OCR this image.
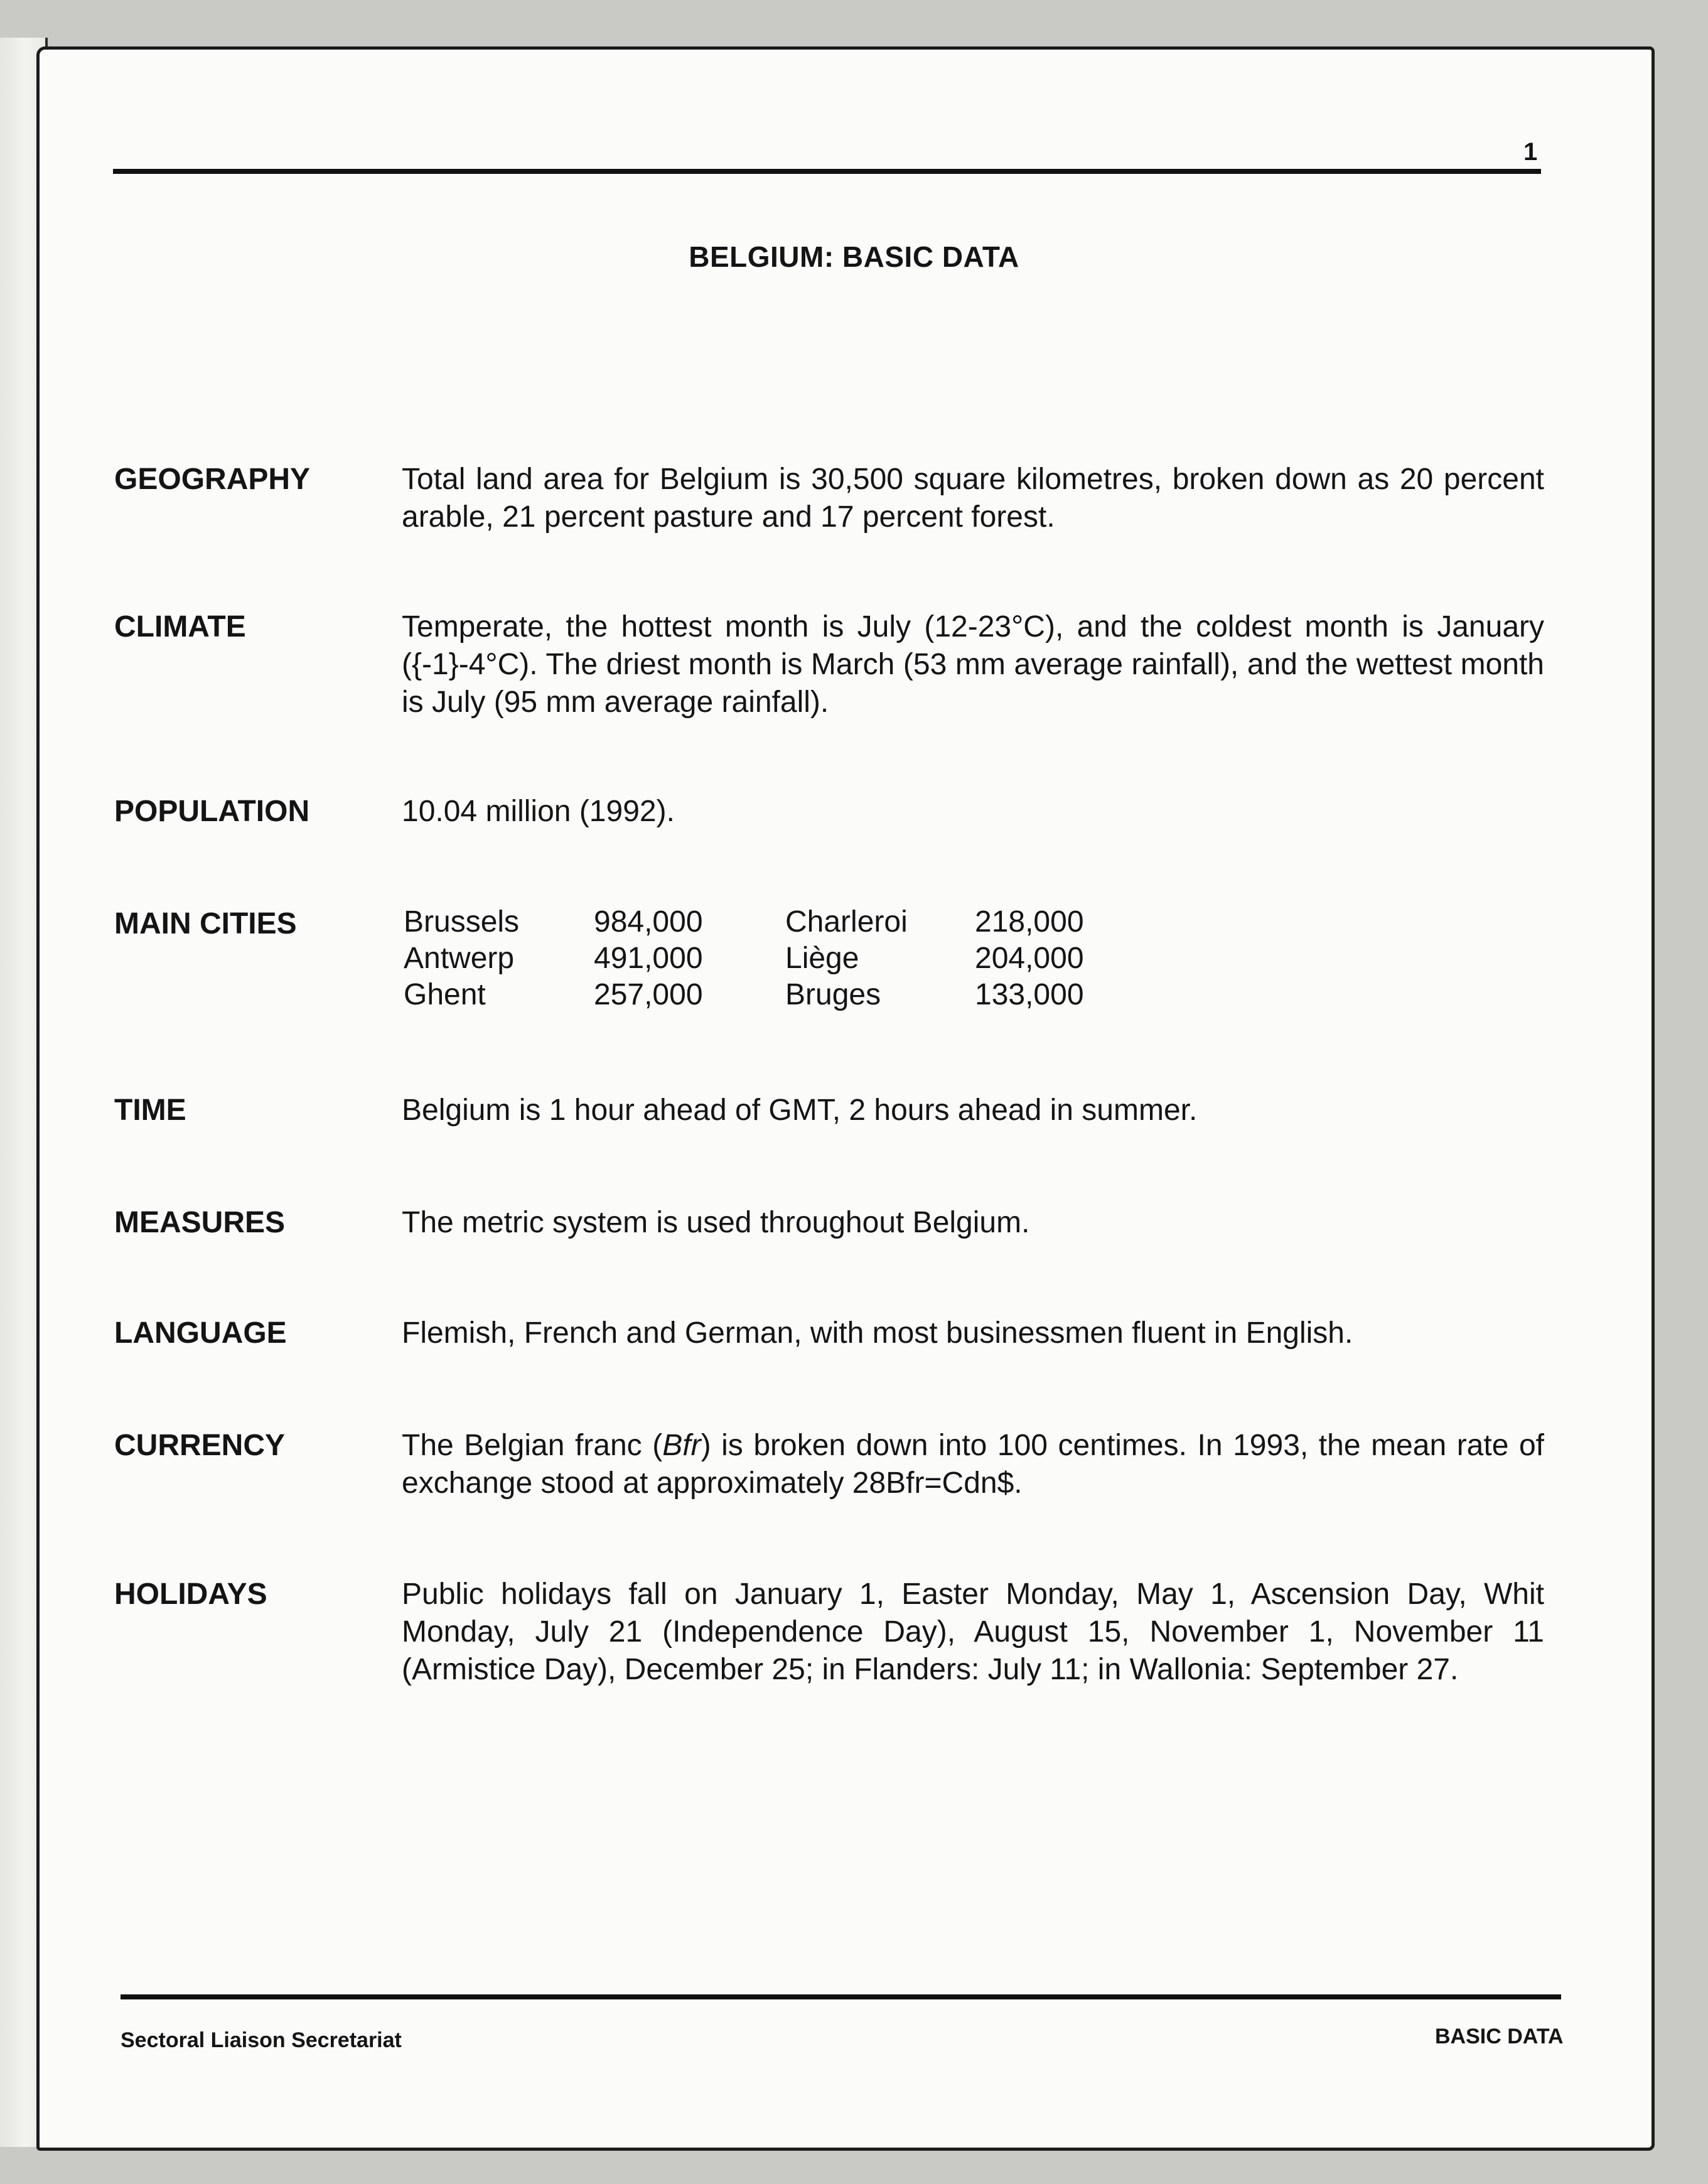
1
BELGIUM: BASIC DATA
GEOGRAPHY	Total land area for Belgium is 30,500 square kilometres, broken down as 20 percent arable, 21 percent pasture and 17 percent forest.
CLIMATE	Temperate, the hottest month is July (12-23°C), and the coldest month is January ({-1}-4°C). The driest month is March (53 mm average rainfall), and the wettest month is July (95 mm average rainfall).
POPULATION	10.04 million (1992).
MAIN CITIES	Brussels 984,000	Charleroi 218,000
Antwerp	491,000	Liège	204,000
Ghent	257,000	Bruges	133,000
TIME	Belgium is 1 hour ahead of GMT, 2 hours ahead in summer.
MEASURES	The metric system is used throughout Belgium.
LANGUAGE	Flemish, French and German, with most businessmen fluent in English.
CURRENCY	The Belgian franc (Bfr) is broken down into 100 centimes. In 1993, the mean rate of exchange stood at approximately 28Bfr=Cdn$.
HOLIDAYS	Public holidays fall on January 1, Easter Monday, May 1, Ascension Day, Whit Monday, July 21 (Independence Day), August 15, November 1, November 11 (Armistice Day), December 25; in Flanders: July 11; in Wallonia: September 27.
Sectoral Liaison Secretariat	BASIC DATA
